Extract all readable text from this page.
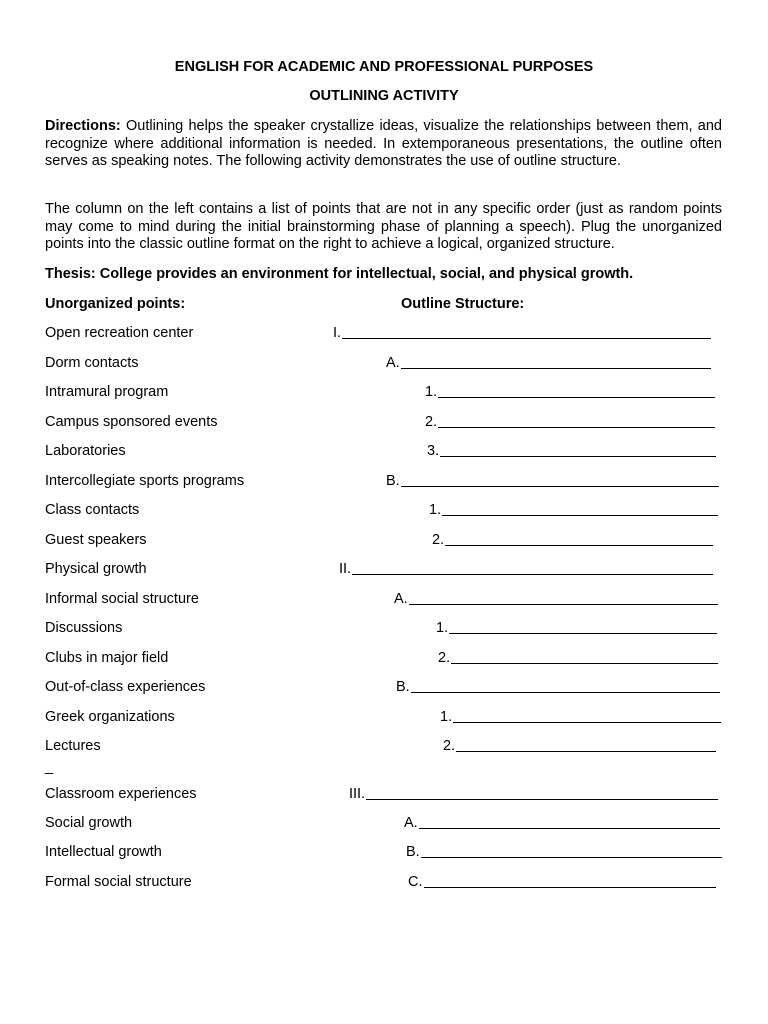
ENGLISH FOR ACADEMIC AND PROFESSIONAL PURPOSES
OUTLINING ACTIVITY
Directions: Outlining helps the speaker crystallize ideas, visualize the relationships between them, and recognize where additional information is needed. In extemporaneous presentations, the outline often serves as speaking notes. The following activity demonstrates the use of outline structure.
The column on the left contains a list of points that are not in any specific order (just as random points may come to mind during the initial brainstorming phase of planning a speech). Plug the unorganized points into the classic outline format on the right to achieve a logical, organized structure.
Thesis: College provides an environment for intellectual, social, and physical growth.
Unorganized points:	Outline Structure:
Open recreation center
Dorm contacts
Intramural program
Campus sponsored events
Laboratories
Intercollegiate sports programs
Class contacts
Guest speakers
Physical growth
Informal social structure
Discussions
Clubs in major field
Out-of-class experiences
Greek organizations
Lectures
_
Classroom experiences
Social growth
Intellectual growth
Formal social structure
I.
A.
1.
2.
3.
B.
1.
2.
II.
A.
1.
2.
B.
1.
2.
III.
A.
B.
C.
